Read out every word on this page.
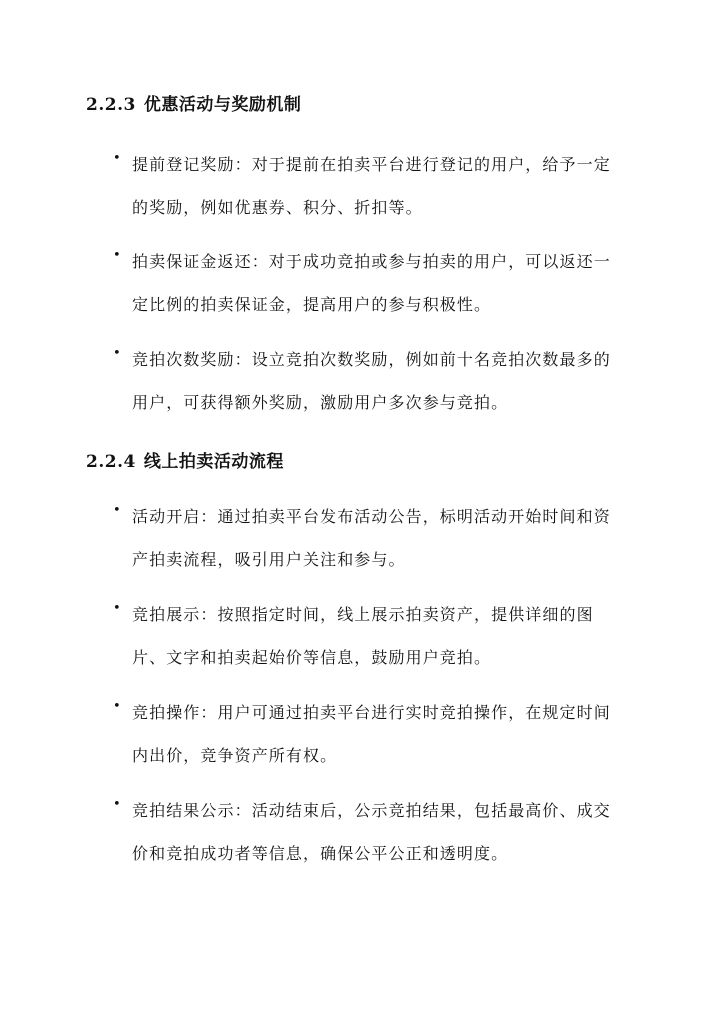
2.2.3 优惠活动与奖励机制
• 提前登记奖励：对于提前在拍卖平台进行登记的用户，给予一定的奖励，例如优惠券、积分、折扣等。

• 拍卖保证金返还：对于成功竞拍或参与拍卖的用户，可以返还一定比例的拍卖保证金，提高用户的参与积极性。

• 竞拍次数奖励：设立竞拍次数奖励，例如前十名竞拍次数最多的用户，可获得额外奖励，激励用户多次参与竞拍。

2.2.4 线上拍卖活动流程
• 活动开启：通过拍卖平台发布活动公告，标明活动开始时间和资产拍卖流程，吸引用户关注和参与。

• 竞拍展示：按照指定时间，线上展示拍卖资产，提供详细的图片、文字和拍卖起始价等信息，鼓励用户竞拍。

• 竞拍操作：用户可通过拍卖平台进行实时竞拍操作，在规定时间内出价，竞争资产所有权。

• 竞拍结果公示：活动结束后，公示竞拍结果，包括最高价、成交价和竞拍成功者等信息，确保公平公正和透明度。
